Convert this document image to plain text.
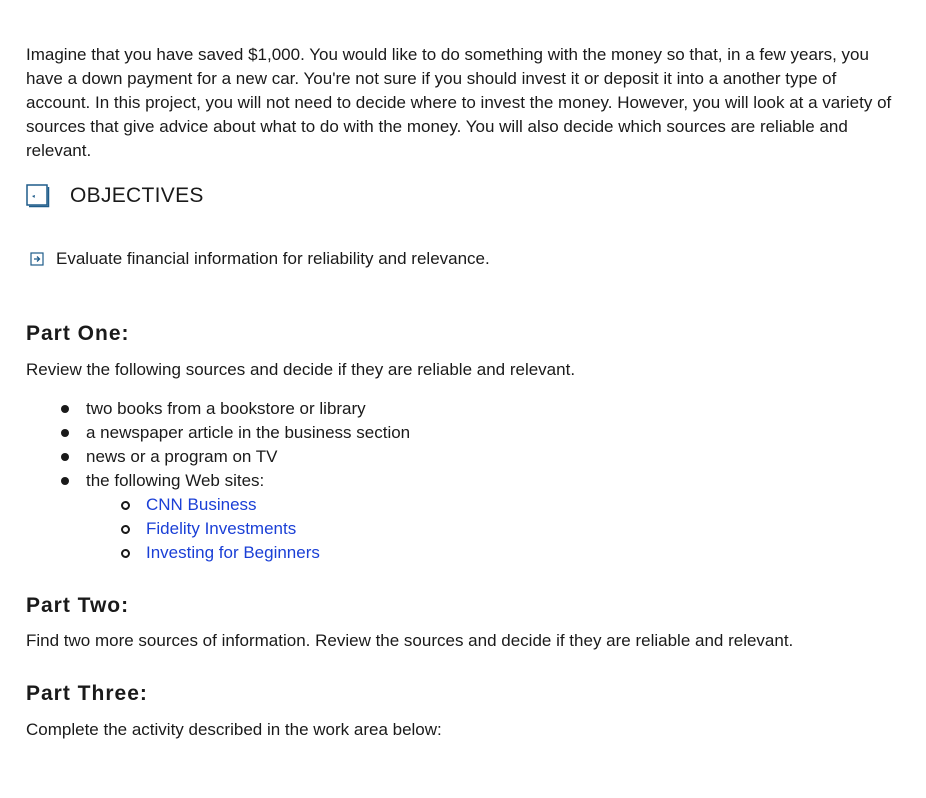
Imagine that you have saved $1,000. You would like to do something with the money so that, in a few years, you have a down payment for a new car. You're not sure if you should invest it or deposit it into a another type of account. In this project, you will not need to decide where to invest the money. However, you will look at a variety of sources that give advice about what to do with the money. You will also decide which sources are reliable and relevant.

OBJECTIVES
Evaluate financial information for reliability and relevance.
Part One:

Review the following sources and decide if they are reliable and relevant.

two books from a bookstore or library
a newspaper article in the business section
news or a program on TV
the following Web sites:
CNN Business
Fidelity Investments
Investing for Beginners
Part Two:

Find two more sources of information. Review the sources and decide if they are reliable and relevant.

Part Three:

Complete the activity described in the work area below:
